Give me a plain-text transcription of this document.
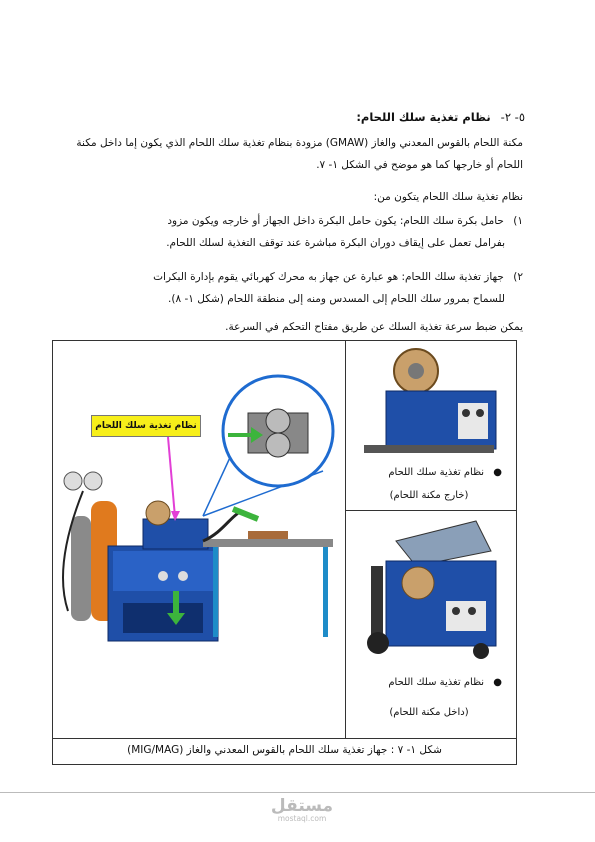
٥- ٢- نظام تغذية سلك اللحام:
مكنة اللحام بالقوس المعدني والغاز (GMAW) مزودة بنظام تغذية سلك اللحام الذي يكون إما داخل مكنة اللحام أو خارجها كما هو موضح في الشكل ١- ٧.
نظام تغذية سلك اللحام يتكون من:
١) حامل بكرة سلك اللحام: يكون حامل البكرة داخل الجهاز أو خارجه ويكون مزود
بفرامل تعمل على إيقاف دوران البكرة مباشرة عند توقف التغذية لسلك اللحام.
٢) جهاز تغذية سلك اللحام: هو عبارة عن جهاز به محرك كهربائي يقوم بإدارة البكرات
للسماح بمرور سلك اللحام إلى المسدس ومنه إلى منطقة اللحام (شكل ١- ٨).
يمكن ضبط سرعة تغذية السلك عن طريق مفتاح التحكم في السرعة.
نظام تغذية سلك اللحام
● نظام تغذية سلك اللحام
(خارج مكنة اللحام)
● نظام تغذية سلك اللحام
(داخل مكنة اللحام)
شكل ١- ٧ : جهاز تغذية سلك اللحام بالقوس المعدني والغاز (MIG/MAG)
مستقل
mostaql.com
